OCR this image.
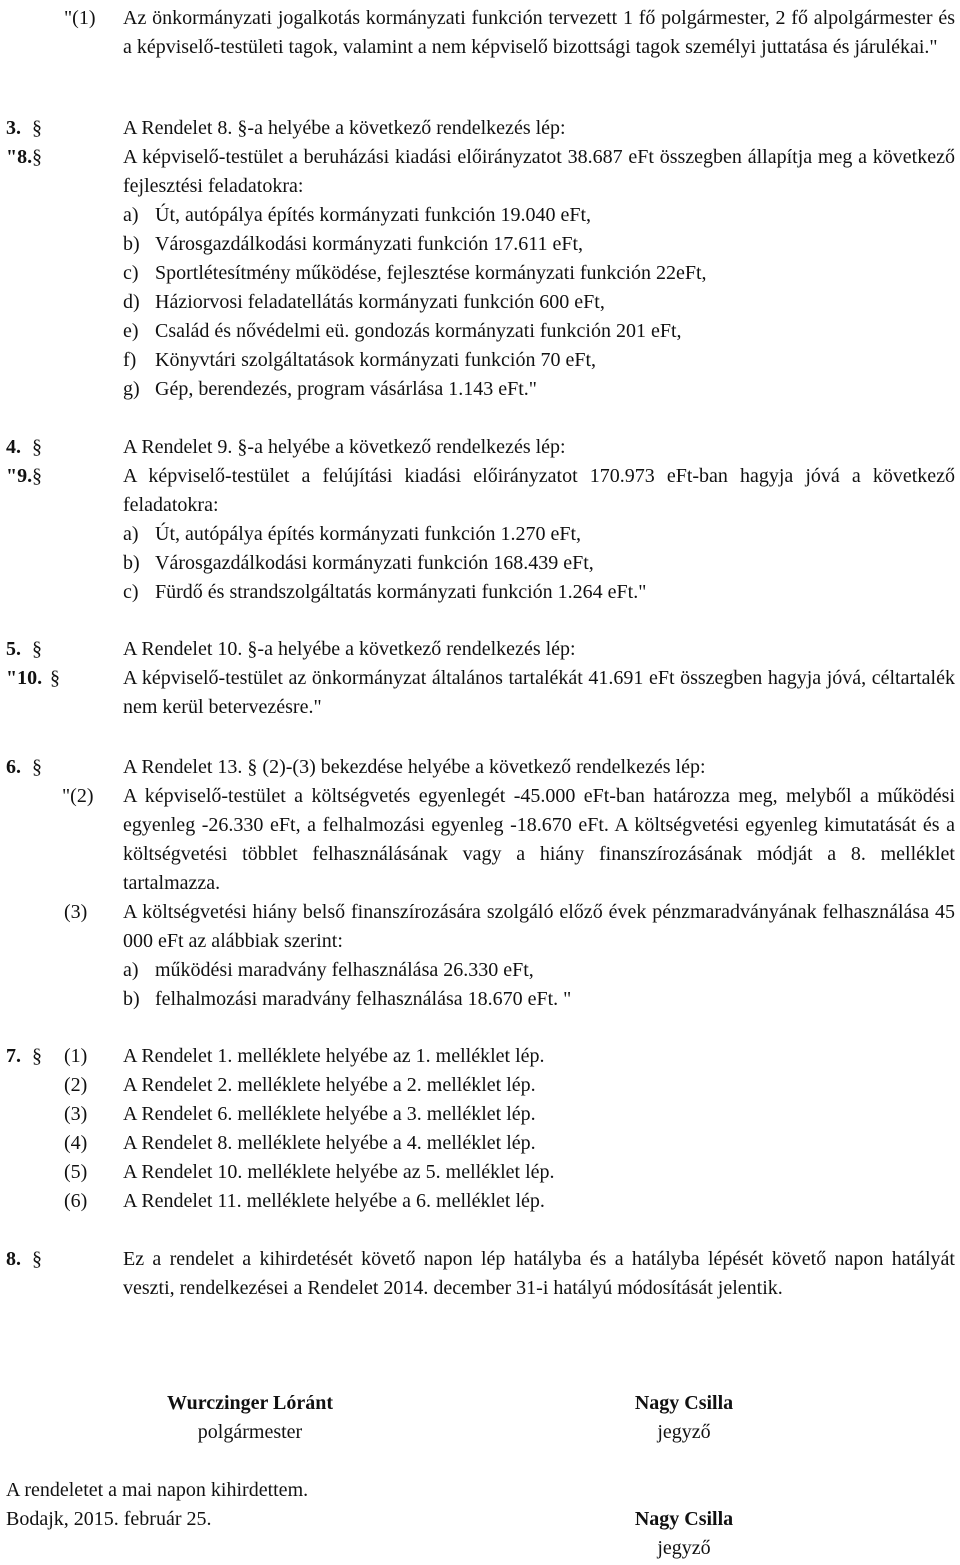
"(1) Az önkormányzati jogalkotás kormányzati funkción tervezett 1 fő polgármester, 2 fő alpolgármester és a képviselő-testületi tagok, valamint a nem képviselő bizottsági tagok személyi juttatása és járulékai."
3. §	A Rendelet 8. §-a helyébe a következő rendelkezés lép:
"8. §	A képviselő-testület a beruházási kiadási előirányzatot 38.687 eFt összegben állapítja meg a következő fejlesztési feladatokra:
a) Út, autópálya építés kormányzati funkción 19.040 eFt,
b) Városgazdálkodási kormányzati funkción 17.611 eFt,
c) Sportlétesítmény működése, fejlesztése kormányzati funkción 22eFt,
d) Háziorvosi feladatellátás kormányzati funkción 600 eFt,
e) Család és nővédelmi eü. gondozás kormányzati funkción 201 eFt,
f) Könyvtári szolgáltatások kormányzati funkción 70 eFt,
g) Gép, berendezés, program vásárlása 1.143 eFt."
4. §	A Rendelet 9. §-a helyébe a következő rendelkezés lép:
"9. §	A képviselő-testület a felújítási kiadási előirányzatot 170.973 eFt-ban hagyja jóvá a következő feladatokra:
a) Út, autópálya építés kormányzati funkción 1.270 eFt,
b) Városgazdálkodási kormányzati funkción 168.439 eFt,
c) Fürdő és strandszolgáltatás kormányzati funkción 1.264 eFt."
5. §	A Rendelet 10. §-a helyébe a következő rendelkezés lép:
"10. §	A képviselő-testület az önkormányzat általános tartalékát 41.691 eFt összegben hagyja jóvá, céltartalék nem kerül betervezésre."
6. §	A Rendelet 13. § (2)-(3) bekezdése helyébe a következő rendelkezés lép:
"(2) A képviselő-testület a költségvetés egyenlegét -45.000 eFt-ban határozza meg, melyből a működési egyenleg -26.330 eFt, a felhalmozási egyenleg -18.670 eFt. A költségvetési egyenleg kimutatását és a költségvetési többlet felhasználásának vagy a hiány finanszírozásának módját a 8. melléklet tartalmazza.
(3) A költségvetési hiány belső finanszírozására szolgáló előző évek pénzmaradványának felhasználása 45 000 eFt az alábbiak szerint:
a) működési maradvány felhasználása 26.330 eFt,
b) felhalmozási maradvány felhasználása 18.670 eFt. "
7. § (1) A Rendelet 1. melléklete helyébe az 1. melléklet lép.
(2) A Rendelet 2. melléklete helyébe a 2. melléklet lép.
(3) A Rendelet 6. melléklete helyébe a 3. melléklet lép.
(4) A Rendelet 8. melléklete helyébe a 4. melléklet lép.
(5) A Rendelet 10. melléklete helyébe az 5. melléklet lép.
(6) A Rendelet 11. melléklete helyébe a 6. melléklet lép.
8. §	Ez a rendelet a kihirdetését követő napon lép hatályba és a hatályba lépését követő napon hatályát veszti, rendelkezései a Rendelet 2014. december 31-i hatályú módosítását jelentik.
Wurczinger Lóránt
polgármester
Nagy Csilla
jegyző
A rendeletet a mai napon kihirdettem.
Bodajk, 2015. február 25.	Nagy Csilla
jegyző
